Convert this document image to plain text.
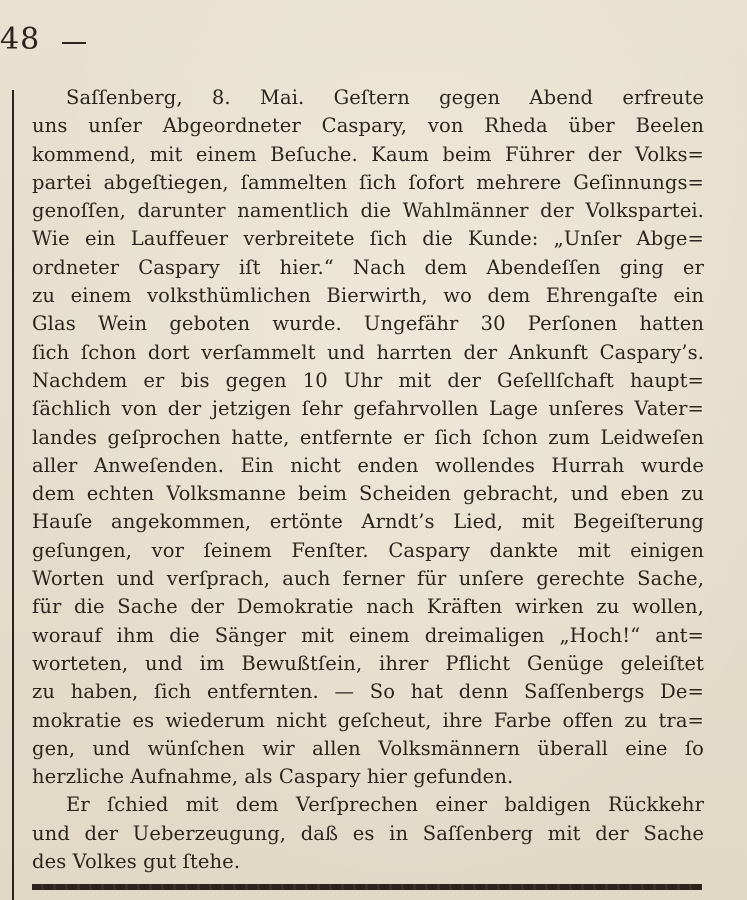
48
Saſſenberg, 8. Mai. Geſtern gegen Abend erfreute
uns unſer Abgeordneter Caspary, von Rheda über Beelen
kommend, mit einem Beſuche. Kaum beim Führer der Volks=
partei abgeſtiegen, ſammelten ſich ſofort mehrere Geſinnungs=
genoſſen, darunter namentlich die Wahlmänner der Volkspartei.
Wie ein Lauffeuer verbreitete ſich die Kunde: „Unſer Abge=
ordneter Caspary iſt hier.“ Nach dem Abendeſſen ging er
zu einem volksthümlichen Bierwirth, wo dem Ehrengaſte ein
Glas Wein geboten wurde. Ungefähr 30 Perſonen hatten
ſich ſchon dort verſammelt und harrten der Ankunft Caspary’s.
Nachdem er bis gegen 10 Uhr mit der Geſellſchaft haupt=
ſächlich von der jetzigen ſehr gefahrvollen Lage unſeres Vater=
landes geſprochen hatte, entfernte er ſich ſchon zum Leidweſen
aller Anweſenden. Ein nicht enden wollendes Hurrah wurde
dem echten Volksmanne beim Scheiden gebracht, und eben zu
Hauſe angekommen, ertönte Arndt’s Lied, mit Begeiſterung
geſungen, vor ſeinem Fenſter. Caspary dankte mit einigen
Worten und verſprach, auch ferner für unſere gerechte Sache,
für die Sache der Demokratie nach Kräften wirken zu wollen,
worauf ihm die Sänger mit einem dreimaligen „Hoch!“ ant=
worteten, und im Bewußtſein, ihrer Pflicht Genüge geleiſtet
zu haben, ſich entfernten. — So hat denn Saſſenbergs De=
mokratie es wiederum nicht geſcheut, ihre Farbe offen zu tra=
gen, und wünſchen wir allen Volksmännern überall eine ſo
herzliche Aufnahme, als Caspary hier gefunden.
Er ſchied mit dem Verſprechen einer baldigen Rückkehr
und der Ueberzeugung, daß es in Saſſenberg mit der Sache
des Volkes gut ſtehe.
